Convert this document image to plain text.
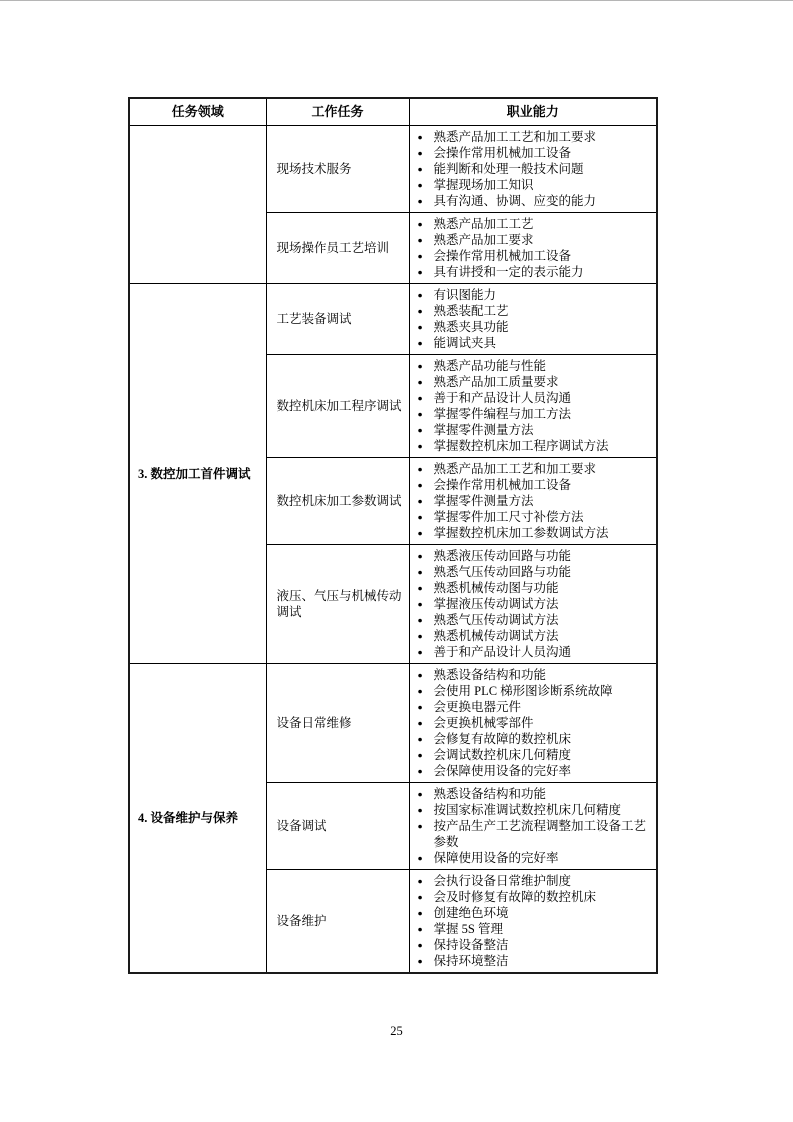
任务领域	工作任务	职业能力
	现场技术服务	
● 熟悉产品加工工艺和加工要求
● 会操作常用机械加工设备
● 能判断和处理一般技术问题
● 掌握现场加工知识
● 具有沟通、协调、应变的能力

现场操作员工艺培训	
● 熟悉产品加工工艺
● 熟悉产品加工要求
● 会操作常用机械加工设备
● 具有讲授和一定的表示能力

3. 数控加工首件调试	工艺装备调试	
● 有识图能力
● 熟悉装配工艺
● 熟悉夹具功能
● 能调试夹具

数控机床加工程序调试	
● 熟悉产品功能与性能
● 熟悉产品加工质量要求
● 善于和产品设计人员沟通
● 掌握零件编程与加工方法
● 掌握零件测量方法
● 掌握数控机床加工程序调试方法

数控机床加工参数调试	
● 熟悉产品加工工艺和加工要求
● 会操作常用机械加工设备
● 掌握零件测量方法
● 掌握零件加工尺寸补偿方法
● 掌握数控机床加工参数调试方法

液压、气压与机械传动调试	
● 熟悉液压传动回路与功能
● 熟悉气压传动回路与功能
● 熟悉机械传动图与功能
● 掌握液压传动调试方法
● 熟悉气压传动调试方法
● 熟悉机械传动调试方法
● 善于和产品设计人员沟通

4. 设备维护与保养	设备日常维修	
● 熟悉设备结构和功能
● 会使用 PLC 梯形图诊断系统故障
● 会更换电器元件
● 会更换机械零部件
● 会修复有故障的数控机床
● 会调试数控机床几何精度
● 会保障使用设备的完好率

设备调试	
● 熟悉设备结构和功能
● 按国家标准调试数控机床几何精度
● 按产品生产工艺流程调整加工设备工艺参数
● 保障使用设备的完好率

设备维护	
● 会执行设备日常维护制度
● 会及时修复有故障的数控机床
● 创建绝色环境
● 掌握 5S 管理
● 保持设备整洁
● 保持环境整洁
25
